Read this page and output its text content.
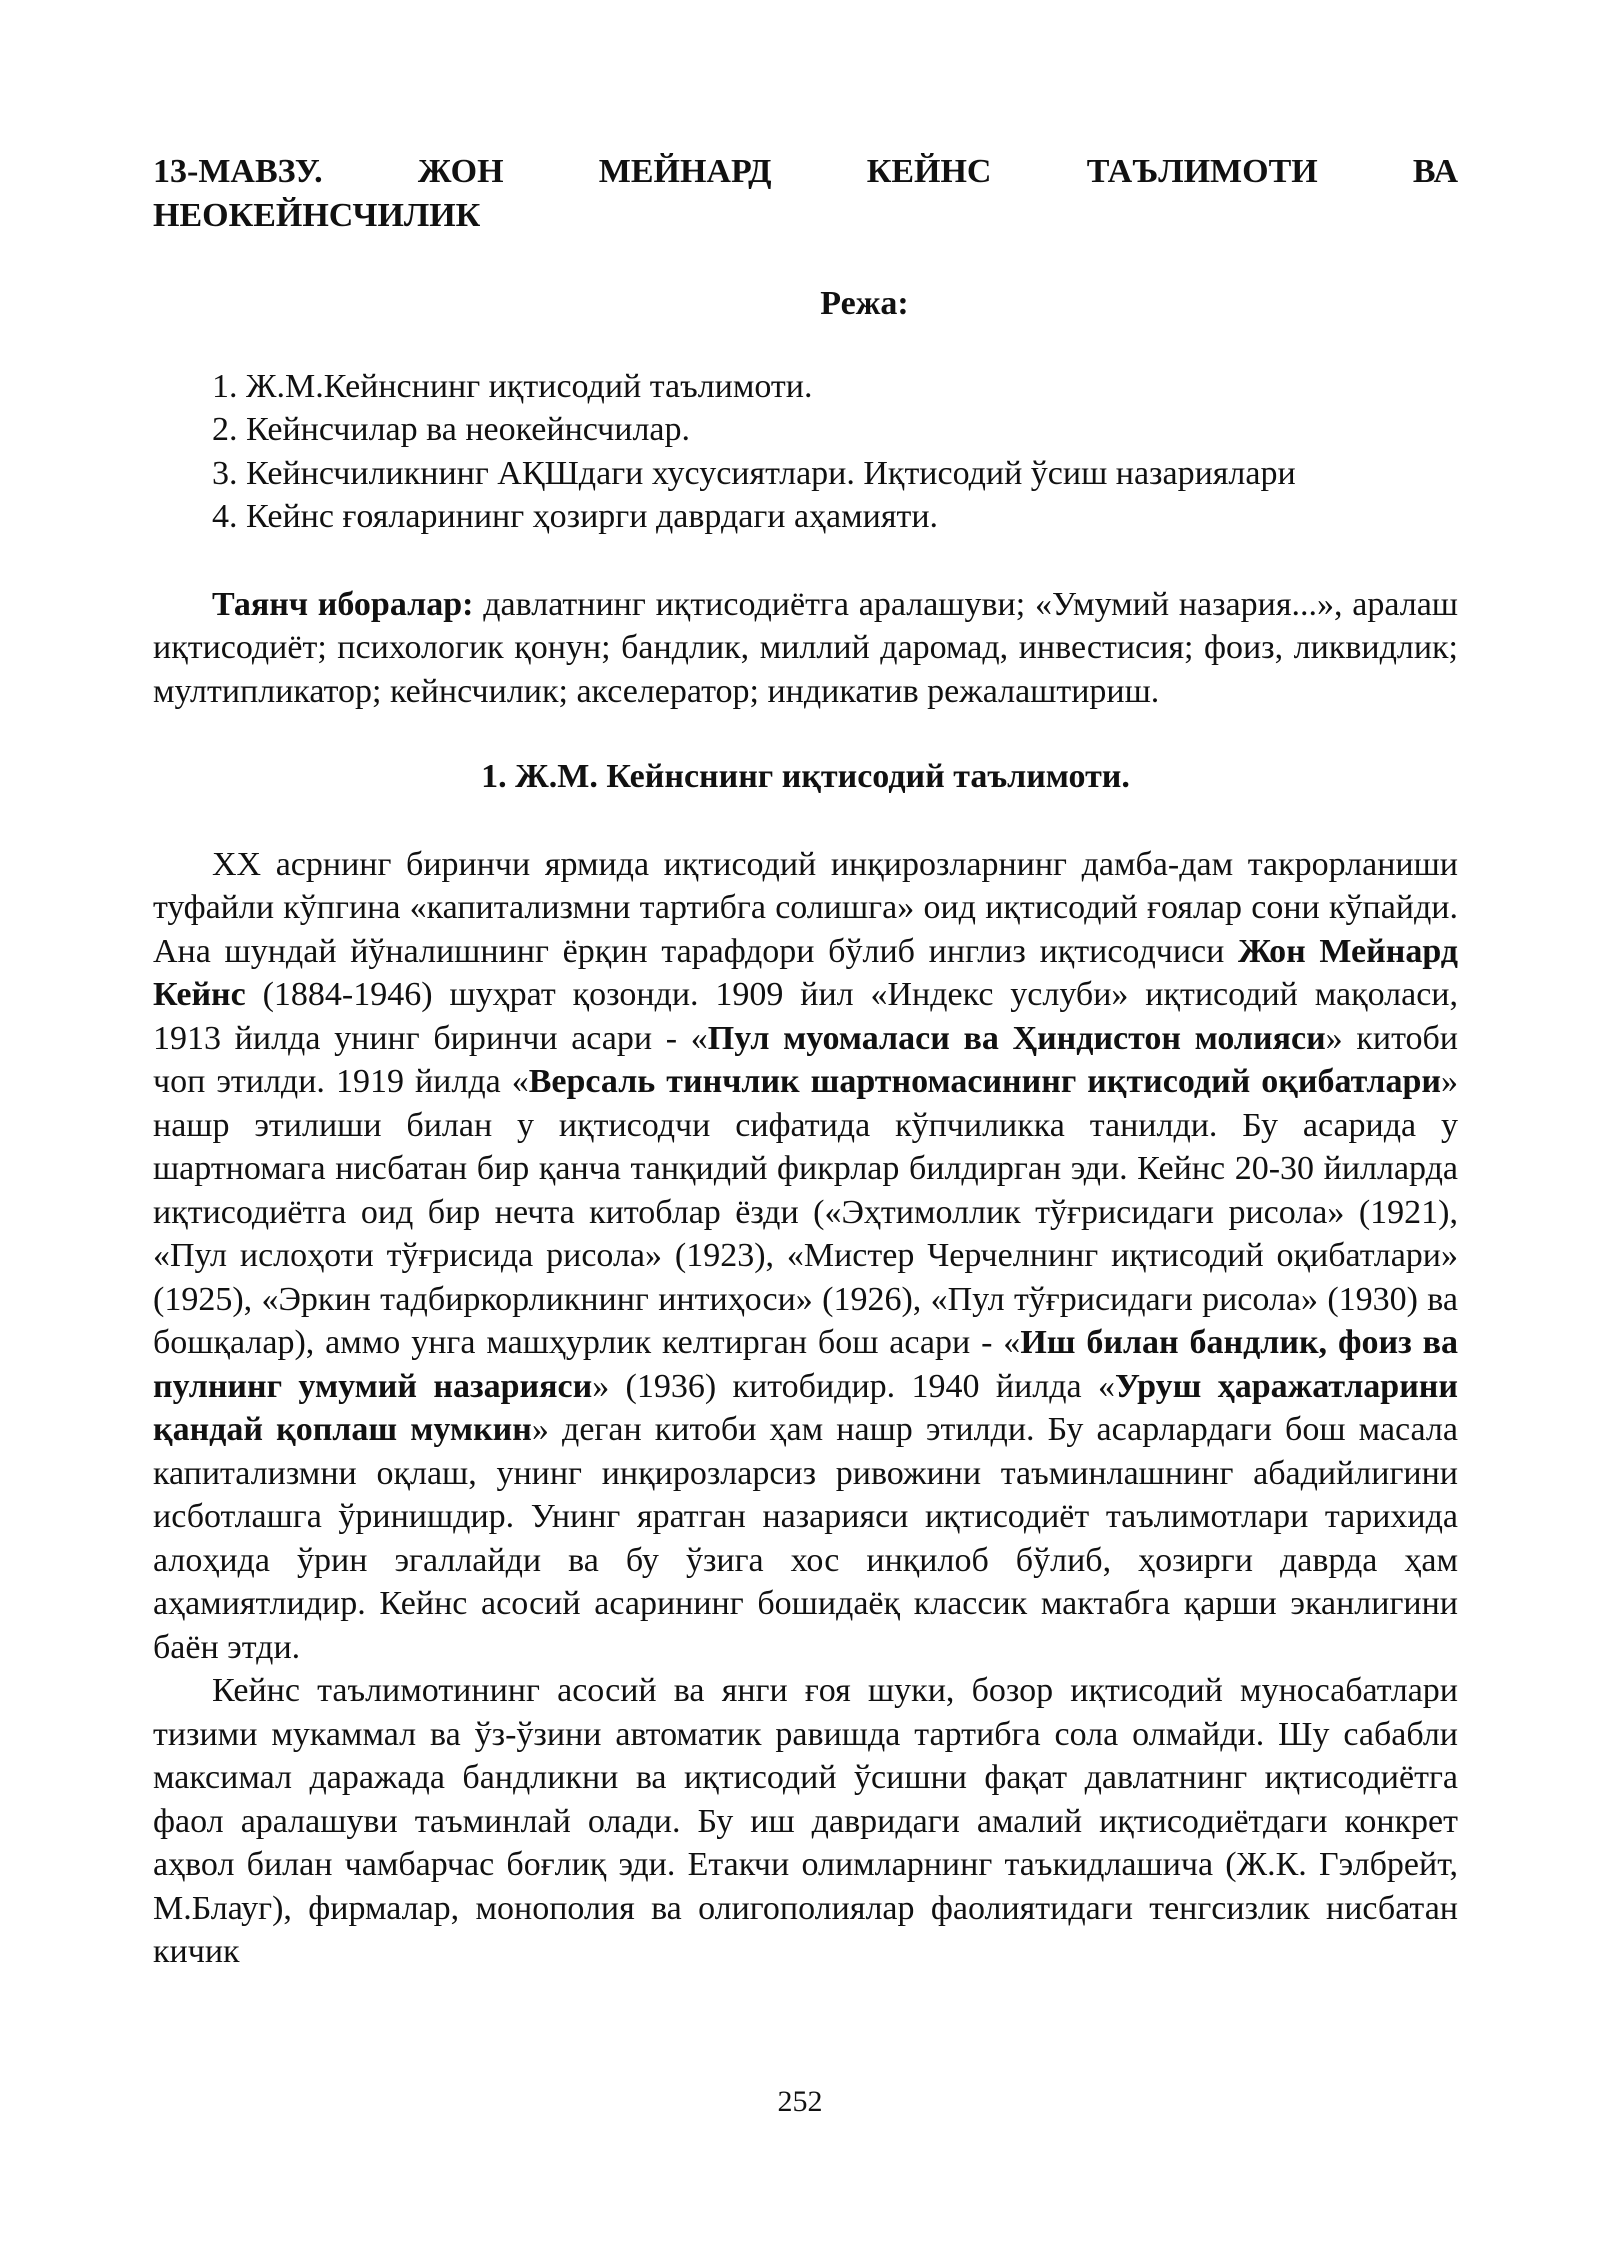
13-МАВЗУ. ЖОН МЕЙНАРД КЕЙНС ТАЪЛИМОТИ ВА
НЕОКЕЙНСЧИЛИК
Режа:
1. Ж.М.Кейнснинг иқтисодий таълимоти.
2. Кейнсчилар ва неокейнсчилар.
3. Кейнсчиликнинг АҚШдаги хусусиятлари. Иқтисодий ўсиш назариялари
4. Кейнс ғояларининг ҳозирги даврдаги аҳамияти.

Таянч иборалар: давлатнинг иқтисодиётга аралашуви; «Умумий назария...», аралаш иқтисодиёт; психологик қонун; бандлик, миллий даромад, инвестисия; фоиз, ликвидлик; мултипликатор; кейнсчилик; акселератор; индикатив режалаштириш.

1. Ж.М. Кейнснинг иқтисодий таълимоти.

XX асрнинг биринчи ярмида иқтисодий инқирозларнинг дамба-дам такрорланиши туфайли кўпгина «капитализмни тартибга солишга» оид иқтисодий ғоялар сони кўпайди. Ана шундай йўналишнинг ёрқин тарафдори бўлиб инглиз иқтисодчиси Жон Мейнард Кейнс (1884-1946) шуҳрат қозонди. 1909 йил «Индекс услуби» иқтисодий мақоласи, 1913 йилда унинг биринчи асари - «Пул муомаласи ва Ҳиндистон молияси» китоби чоп этилди. 1919 йилда «Версаль тинчлик шартномасининг иқтисодий оқибатлари» нашр этилиши билан у иқтисодчи сифатида кўпчиликка танилди. Бу асарида у шартномага нисбатан бир қанча танқидий фикрлар билдирган эди. Кейнс 20-30 йилларда иқтисодиётга оид бир нечта китоблар ёзди («Эҳтимоллик тўғрисидаги рисола» (1921), «Пул ислоҳоти тўғрисида рисола» (1923), «Мистер Черчелнинг иқтисодий оқибатлари» (1925), «Эркин тадбиркорликнинг интиҳоси» (1926), «Пул тўғрисидаги рисола» (1930) ва бошқалар), аммо унга машҳурлик келтирган бош асари - «Иш билан бандлик, фоиз ва пулнинг умумий назарияси» (1936) китобидир. 1940 йилда «Уруш ҳаражатларини қандай қоплаш мумкин» деган китоби ҳам нашр этилди. Бу асарлардаги бош масала капитализмни оқлаш, унинг инқирозларсиз ривожини таъминлашнинг абадийлигини исботлашга ўринишдир. Унинг яратган назарияси иқтисодиёт таълимотлари тарихида алоҳида ўрин эгаллайди ва бу ўзига хос инқилоб бўлиб, ҳозирги даврда ҳам аҳамиятлидир. Кейнс асосий асарининг бошидаёқ классик мактабга қарши эканлигини баён этди.

Кейнс таълимотининг асосий ва янги ғоя шуки, бозор иқтисодий муносабатлари тизими мукаммал ва ўз-ўзини автоматик равишда тартибга сола олмайди. Шу сабабли максимал даражада бандликни ва иқтисодий ўсишни фақат давлатнинг иқтисодиётга фаол аралашуви таъминлай олади. Бу иш давридаги амалий иқтисодиётдаги конкрет аҳвол билан чамбарчас боғлиқ эди. Етакчи олимларнинг таъкидлашича (Ж.К. Гэлбрейт, М.Блауг), фирмалар, монополия ва олигополиялар фаолиятидаги тенгсизлик нисбатан кичик

252
